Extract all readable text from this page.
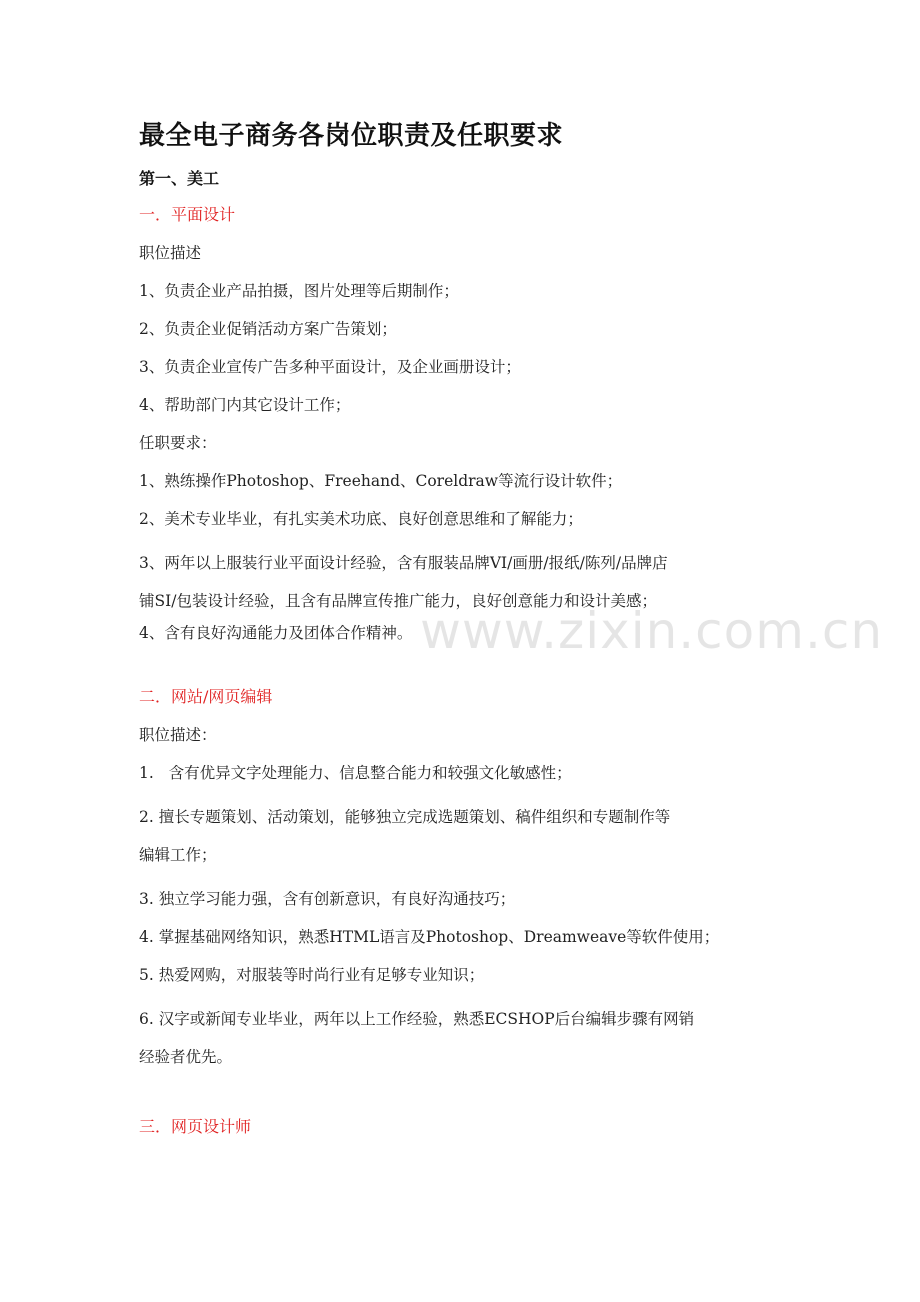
最全电子商务各岗位职责及任职要求
第一、美工
一．平面设计
职位描述
1、负责企业产品拍摄，图片处理等后期制作；
2、负责企业促销活动方案广告策划；
3、负责企业宣传广告多种平面设计，及企业画册设计；
4、帮助部门内其它设计工作；
任职要求：
1、熟练操作Photoshop、Freehand、Coreldraw等流行设计软件；
2、美术专业毕业，有扎实美术功底、良好创意思维和了解能力；
3、两年以上服装行业平面设计经验，含有服装品牌VI/画册/报纸/陈列/品牌店
铺SI/包装设计经验，且含有品牌宣传推广能力，良好创意能力和设计美感；
4、含有良好沟通能力及团体合作精神。
二．网站/网页编辑
职位描述：
1.   含有优异文字处理能力、信息整合能力和较强文化敏感性；
2. 擅长专题策划、活动策划，能够独立完成选题策划、稿件组织和专题制作等
编辑工作；
3. 独立学习能力强，含有创新意识，有良好沟通技巧；
4. 掌握基础网络知识，熟悉HTML语言及Photoshop、Dreamweave等软件使用；
5. 热爱网购，对服装等时尚行业有足够专业知识；
6. 汉字或新闻专业毕业，两年以上工作经验，熟悉ECSHOP后台编辑步骤有网销
经验者优先。
三．网页设计师
www.zixin.com.cn
